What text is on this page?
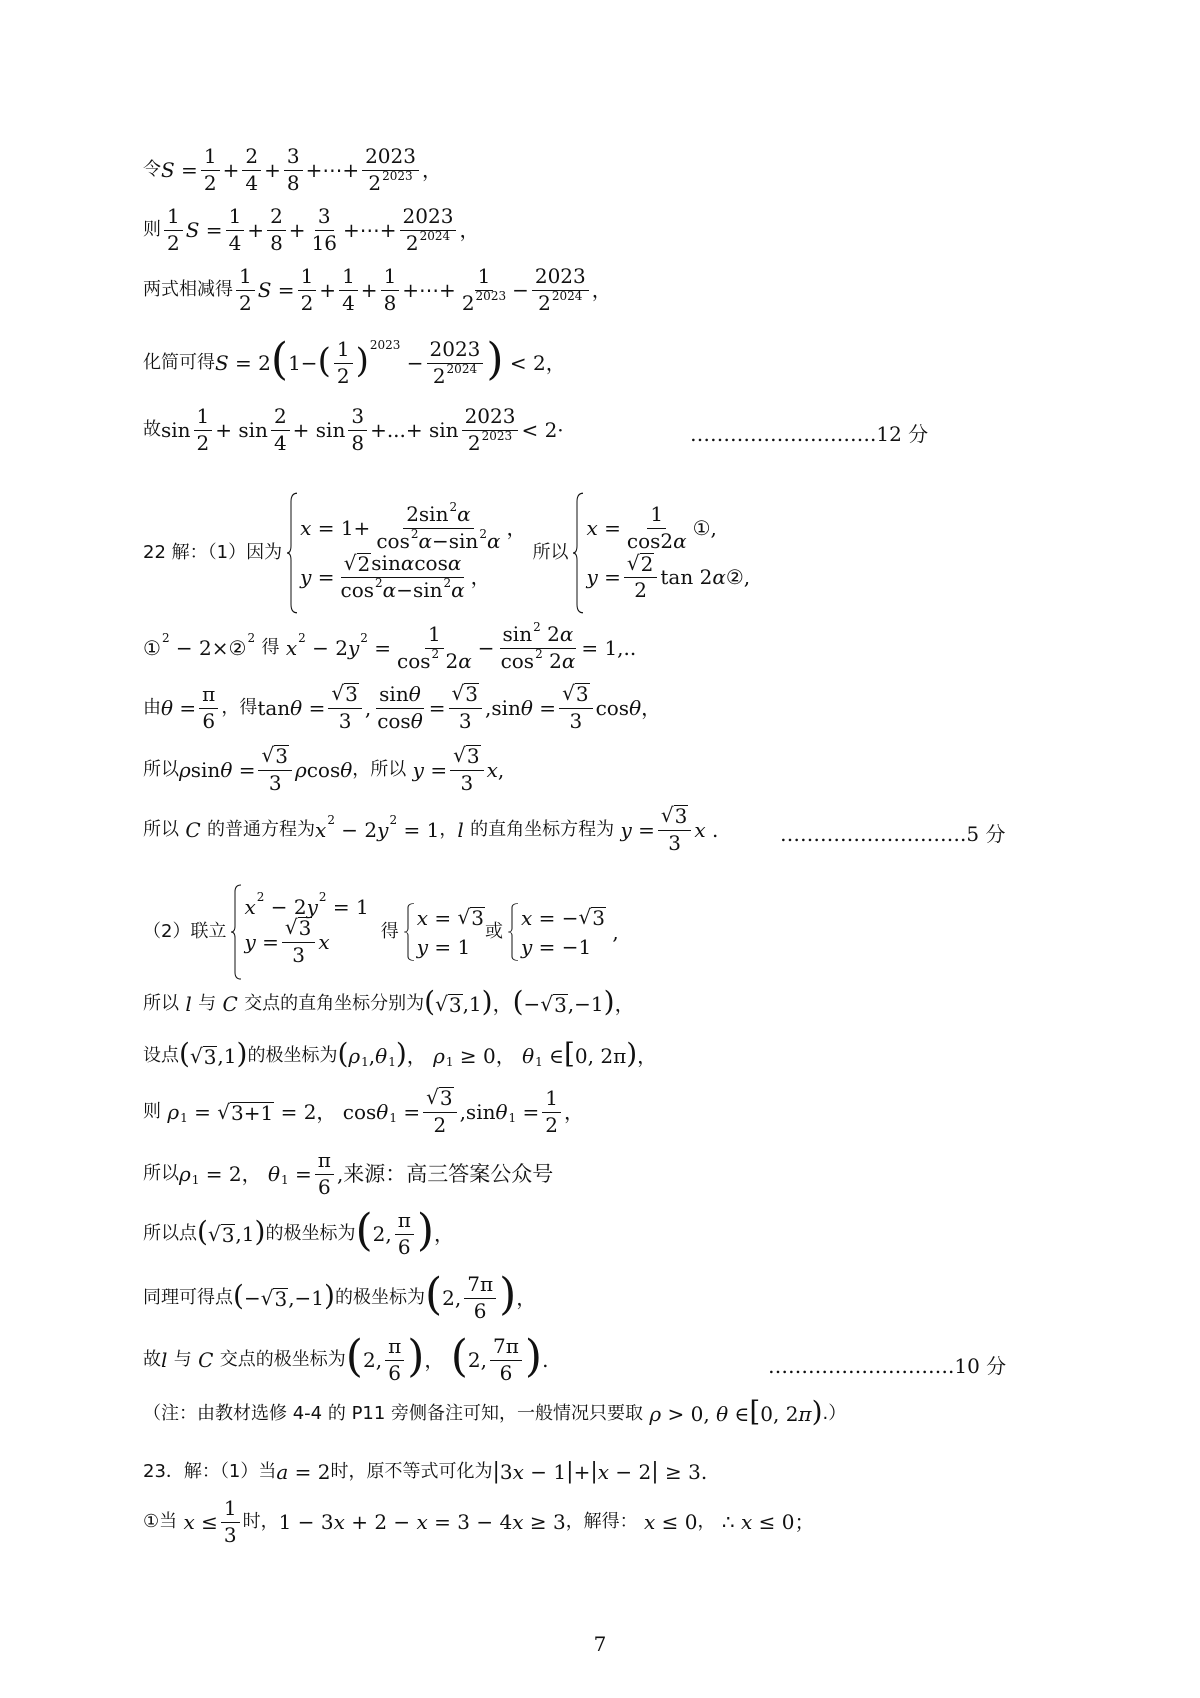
令 $S = \frac{1}{2} + \frac{2}{4} + \frac{3}{8}$ +⋯+ $\frac{2023}{2^{2023}}$ ，
则 $\frac{1}{2}$ $S = \frac{1}{4} + \frac{2}{8} + \frac{3}{16}$ +⋯+ $\frac{2023}{2^{2024}}$ ，
两式相减得 $\frac{1}{2}$ $S = \frac{1}{2} + \frac{1}{4} + \frac{1}{8}$ +⋯+ $\frac{1}{2^{2023}} - \frac{2023}{2^{2024}}$ ，
化简可得 S = 2 ( 1− ( $\frac{1}{2}$ ) 2023
− $\frac{2023}{2^{2024}}$ ) < 2，
故 $\sin \frac{1}{2} + \sin \frac{2}{4} + \sin \frac{3}{8}$ +...+ $\sin \frac{2023}{2^{2023}} < 2\cdot$	……………………….12 分
22 解：（1）因为
$x = 1+ \frac{2\sin^2\alpha}{\cos^2\alpha-\sin^2\alpha}$ ，
$y = \frac{√ 2 \sin\alpha\cos\alpha}{\cos^2\alpha-\sin^2\alpha}$ ，
所以
$x = \frac{1}{\cos 2\alpha}$ ①,
$y = \frac{√ 2}{2}$ tan 2 α ②,
① 2 − 2×② 2
得
x 2 − 2 y $2 = \frac{1}{\cos^2 2\alpha} - \frac{\sin^2 2\alpha}{\cos^2 2\alpha} = 1$,..
由 $\theta = \frac{\pi}{6}$ ，得 $\tan \theta = \frac{√ 3}{3}$ , $\frac{\sin\theta}{\cos\theta} = \frac{√ 3}{3} ,\sin$ $\theta = \frac{√ 3}{3}$ cos θ ，
所以 ρ $\sin \theta = \frac{√ 3}{3}$ ρ cos θ ，所以
$y = \frac{√ 3}{3}$ x ,
所以
C
的普通方程为 x 2 − 2 y 2 = 1 ， l
的直角坐标方程为
$y = \frac{√ 3}{3}$ x .	……………………….5 分
（2）联立
x 2 − 2 y 2 = 1
$y = \frac{√ 3}{3}$ x	得
x = √ 3
y = 1
或
x = − √ 3
y = −1
,
所以
l
与
C
交点的直角坐标分别为 ( √ 3 ,1 ) ， ( − √ 3 ,−1 ) ，
设点 ( √ 3 ,1 ) 的极坐标为 ( ρ 1 , θ 1 ) ， ρ 1 ≥ 0， θ 1 ∈ [ 0, 2π ) ，
则
ρ 1 = √ 3+1 = 2， cos θ $1 = \frac{√ 3}{2} ,\sin$ θ $1 = \frac{1}{2}$ ，
所以 ρ 1 = 2， θ $1 = \frac{\pi}{6}$ , 来源：高三答案公众号
所以点 ( √ 3 ,1 ) 的极坐标为 ( 2, $\frac{\pi}{6}$ ) ，
同理可得点 ( − √ 3 ,−1 ) 的极坐标为 ( 2, $\frac{7\pi}{6}$ ) ，
故 l
与
C
交点的极坐标为 ( 2, $\frac{\pi}{6}$ ) ， ( 2, $\frac{7\pi}{6}$ ) .	……………………….10 分
（注：由教材选修 4-4 的 P11 旁侧备注可知，一般情况只要取
ρ > 0, θ ∈ [ 0, 2 π ) .）
23．解：（1）当 a = 2 时，原不等式可化为 | 3 x − 1 | + | x − 2 | ≥ 3.
①当
$x \le \frac{1}{3}$ 时， 1 − 3 x + 2 − x = 3 − 4 x ≥ 3 ，解得：
x ≤ 0 ， ∴ x ≤ 0；
7
